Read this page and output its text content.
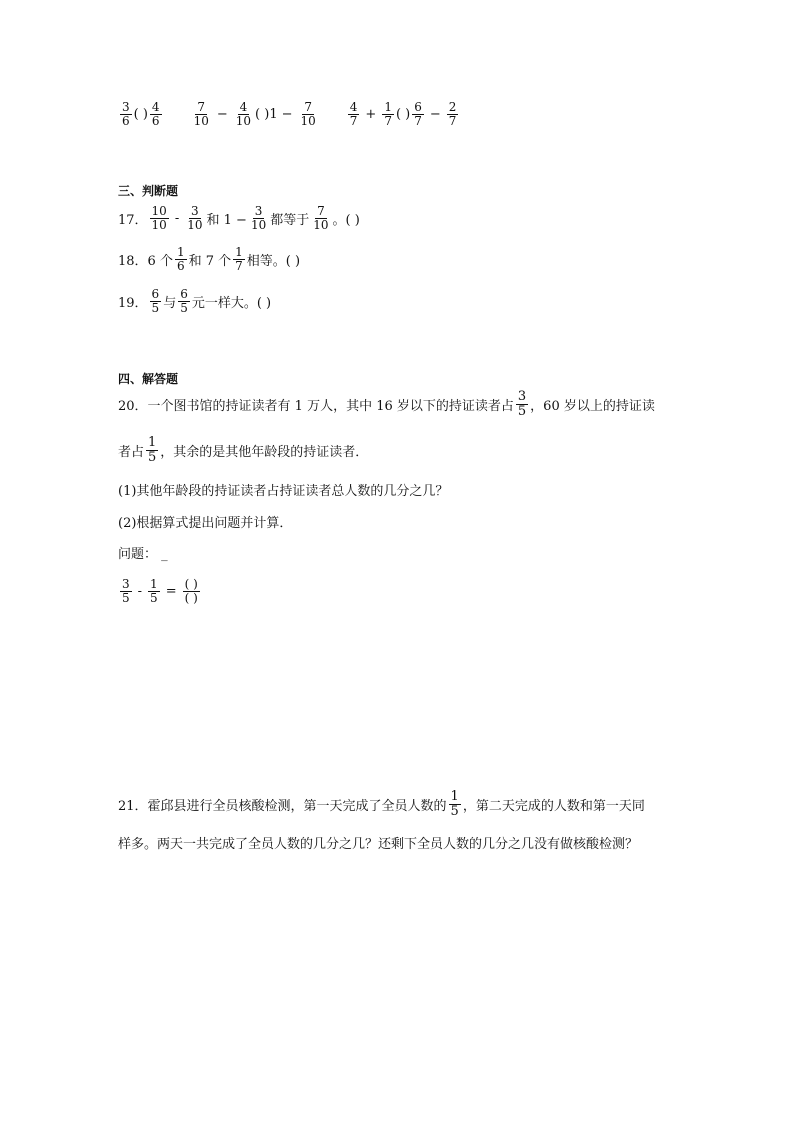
$\frac{3}{6}$ ( ) $\frac{4}{6}$	$\frac{7}{10} - \frac{4}{10}$ ( ) $1 - \frac{7}{10}$	$\frac{4}{7} + \frac{1}{7}$ ( ) $\frac{6}{7} - \frac{2}{7}$
三、判断题
17． $\frac{10}{10} - \frac{3}{10}$ 和 $1 - \frac{3}{10}$ 都等于 $\frac{7}{10}$ 。( )
18．6 个 $\frac{1}{6}$ 和 7 个 $\frac{1}{7}$ 相等。( )
19． $\frac{6}{5}$ 与 $\frac{6}{5}$ 元一样大。( )
四、解答题
20．一个图书馆的持证读者有 1 万人，其中 16 岁以下的持证读者占 $\frac{3}{5}$ ，60 岁以上的持证读
者占 $\frac{1}{5}$ ，其余的是其他年龄段的持证读者．
(1)其他年龄段的持证读者占持证读者总人数的几分之几？
(2)根据算式提出问题并计算．
问题： _
$\frac{3}{5} - \frac{1}{5} = \frac{( )}{( )}$
21．霍邱县进行全员核酸检测，第一天完成了全员人数的 $\frac{1}{5}$ ，第二天完成的人数和第一天同
样多。两天一共完成了全员人数的几分之几？还剩下全员人数的几分之几没有做核酸检测？
